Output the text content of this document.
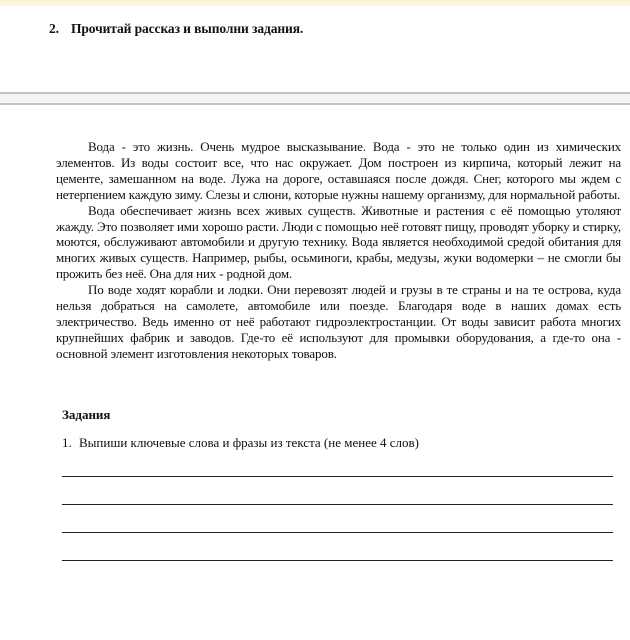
2. Прочитай рассказ и выполни задания.

Вода - это жизнь. Очень мудрое высказывание. Вода - это не только один из химических элементов. Из воды состоит все, что нас окружает. Дом построен из кирпича, который лежит на цементе, замешанном на воде. Лужа на дороге, оставшаяся после дождя. Снег, которого мы ждем с нетерпением каждую зиму. Слезы и слюни, которые нужны нашему организму, для нормальной работы.

Вода обеспечивает жизнь всех живых существ. Животные и растения с её помощью утоляют жажду. Это позволяет ими хорошо расти. Люди с помощью неё готовят пищу, проводят уборку и стирку, моются, обслуживают автомобили и другую технику. Вода является необходимой средой обитания для многих живых существ. Например, рыбы, осьминоги, крабы, медузы, жуки водомерки – не смогли бы прожить без неё. Она для них - родной дом.

По воде ходят корабли и лодки. Они перевозят людей и грузы в те страны и на те острова, куда нельзя добраться на самолете, автомобиле или поезде. Благодаря воде в наших домах есть электричество. Ведь именно от неё работают гидроэлектростанции. От воды зависит работа многих крупнейших фабрик и заводов. Где-то её используют для промывки оборудования, а где-то она - основной элемент изготовления некоторых товаров.

Задания
1. Выпиши ключевые слова и фразы из текста (не менее 4 слов)
